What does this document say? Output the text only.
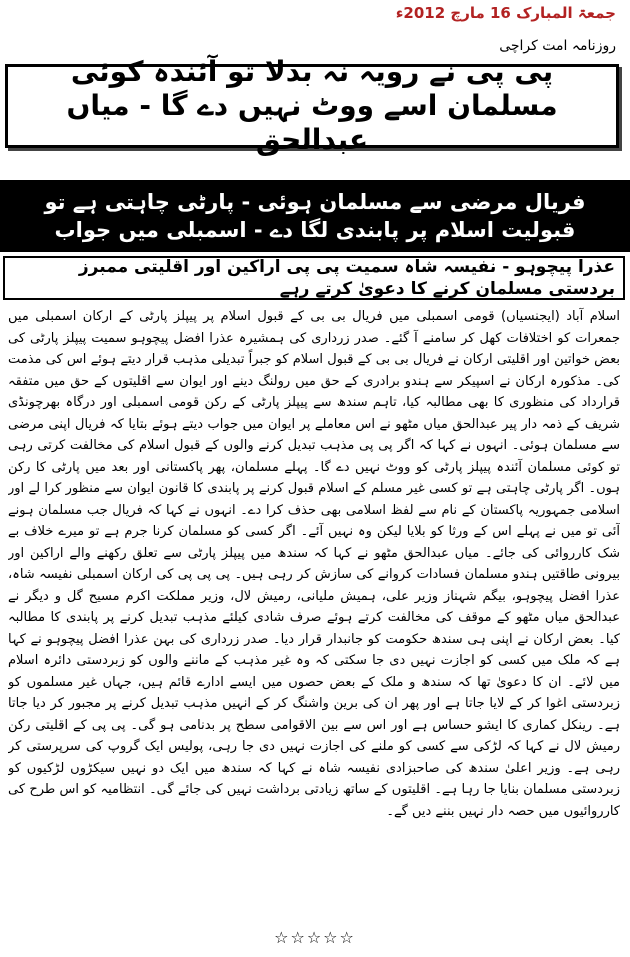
جمعۃ المبارک 16 مارچ 2012ء
روزنامہ امت کراچی
پی پی نے رویہ نہ بدلا تو آئندہ کوئی مسلمان اسے ووٹ نہیں دے گا - میاں عبدالحق
فریال مرضی سے مسلمان ہوئی - پارٹی چاہتی ہے تو قبولیت اسلام پر پابندی لگا دے - اسمبلی میں جواب
عذرا پیچوہو - نفیسہ شاہ سمیت پی پی اراکین اور اقلیتی ممبرز بردستی مسلمان کرنے کا دعویٰ کرتے رہے
اسلام آباد (ایجنسیاں) قومی اسمبلی میں فریال بی بی کے قبول اسلام پر پیپلز پارٹی کے ارکان اسمبلی میں جمعرات کو اختلافات کھل کر سامنے آ گئے۔ صدر زرداری کی ہمشیرہ عذرا افضل پیچوہو سمیت پیپلز پارٹی کی بعض خواتین اور اقلیتی ارکان نے فریال بی بی کے قبول اسلام کو جبراً تبدیلی مذہب قرار دیتے ہوئے اس کی مذمت کی۔ مذکورہ ارکان نے اسپیکر سے ہندو برادری کے حق میں رولنگ دینے اور ایوان سے اقلیتوں کے حق میں متفقہ قرارداد کی منظوری کا بھی مطالبہ کیا، تاہم سندھ سے پیپلز پارٹی کے رکن قومی اسمبلی اور درگاہ بھرچونڈی شریف کے ذمہ دار پیر عبدالحق میاں مٹھو نے اس معاملے پر ایوان میں جواب دیتے ہوئے بتایا کہ فریال اپنی مرضی سے مسلمان ہوئی۔ انہوں نے کہا کہ اگر پی پی مذہب تبدیل کرنے والوں کے قبول اسلام کی مخالفت کرتی رہی تو کوئی مسلمان آئندہ پیپلز پارٹی کو ووٹ نہیں دے گا۔ پہلے مسلمان، پھر پاکستانی اور بعد میں پارٹی کا رکن ہوں۔ اگر پارٹی چاہتی ہے تو کسی غیر مسلم کے اسلام قبول کرنے پر پابندی کا قانون ایوان سے منظور کرا لے اور اسلامی جمہوریہ پاکستان کے نام سے لفظ اسلامی بھی حذف کرا دے۔ انہوں نے کہا کہ فریال جب مسلمان ہونے آئی تو میں نے پہلے اس کے ورثا کو بلایا لیکن وہ نہیں آئے۔ اگر کسی کو مسلمان کرنا جرم ہے تو میرے خلاف بے شک کارروائی کی جائے۔ میاں عبدالحق مٹھو نے کہا کہ سندھ میں پیپلز پارٹی سے تعلق رکھنے والے اراکین اور بیرونی طاقتیں ہندو مسلمان فسادات کروانے کی سازش کر رہی ہیں۔ پی پی پی کی ارکان اسمبلی نفیسہ شاہ، عذرا افضل پیچوہو، بیگم شہناز وزیر علی، ہمیش ملیانی، رمیش لال، وزیر مملکت اکرم مسیح گل و دیگر نے عبدالحق میاں مٹھو کے موقف کی مخالفت کرتے ہوئے صرف شادی کیلئے مذہب تبدیل کرنے پر پابندی کا مطالبہ کیا۔ بعض ارکان نے اپنی ہی سندھ حکومت کو جانبدار قرار دیا۔ صدر زرداری کی بہن عذرا افضل پیچوہو نے کہا ہے کہ ملک میں کسی کو اجازت نہیں دی جا سکتی کہ وہ غیر مذہب کے ماننے والوں کو زبردستی دائرہ اسلام میں لائے۔ ان کا دعویٰ تھا کہ سندھ و ملک کے بعض حصوں میں ایسے ادارے قائم ہیں، جہاں غیر مسلموں کو زبردستی اغوا کر کے لایا جاتا ہے اور پھر ان کی برین واشنگ کر کے انہیں مذہب تبدیل کرنے پر مجبور کر دیا جاتا ہے۔ رینکل کماری کا ایشو حساس ہے اور اس سے بین الاقوامی سطح پر بدنامی ہو گی۔ پی پی کے اقلیتی رکن رمیش لال نے کہا کہ لڑکی سے کسی کو ملنے کی اجازت نہیں دی جا رہی، پولیس ایک گروپ کی سرپرستی کر رہی ہے۔ وزیر اعلیٰ سندھ کی صاحبزادی نفیسہ شاہ نے کہا کہ سندھ میں ایک دو نہیں سیکڑوں لڑکیوں کو زبردستی مسلمان بنایا جا رہا ہے۔ اقلیتوں کے ساتھ زیادتی برداشت نہیں کی جائے گی۔ انتظامیہ کو اس طرح کی کارروائیوں میں حصہ دار نہیں بننے دیں گے۔
☆☆☆☆☆
